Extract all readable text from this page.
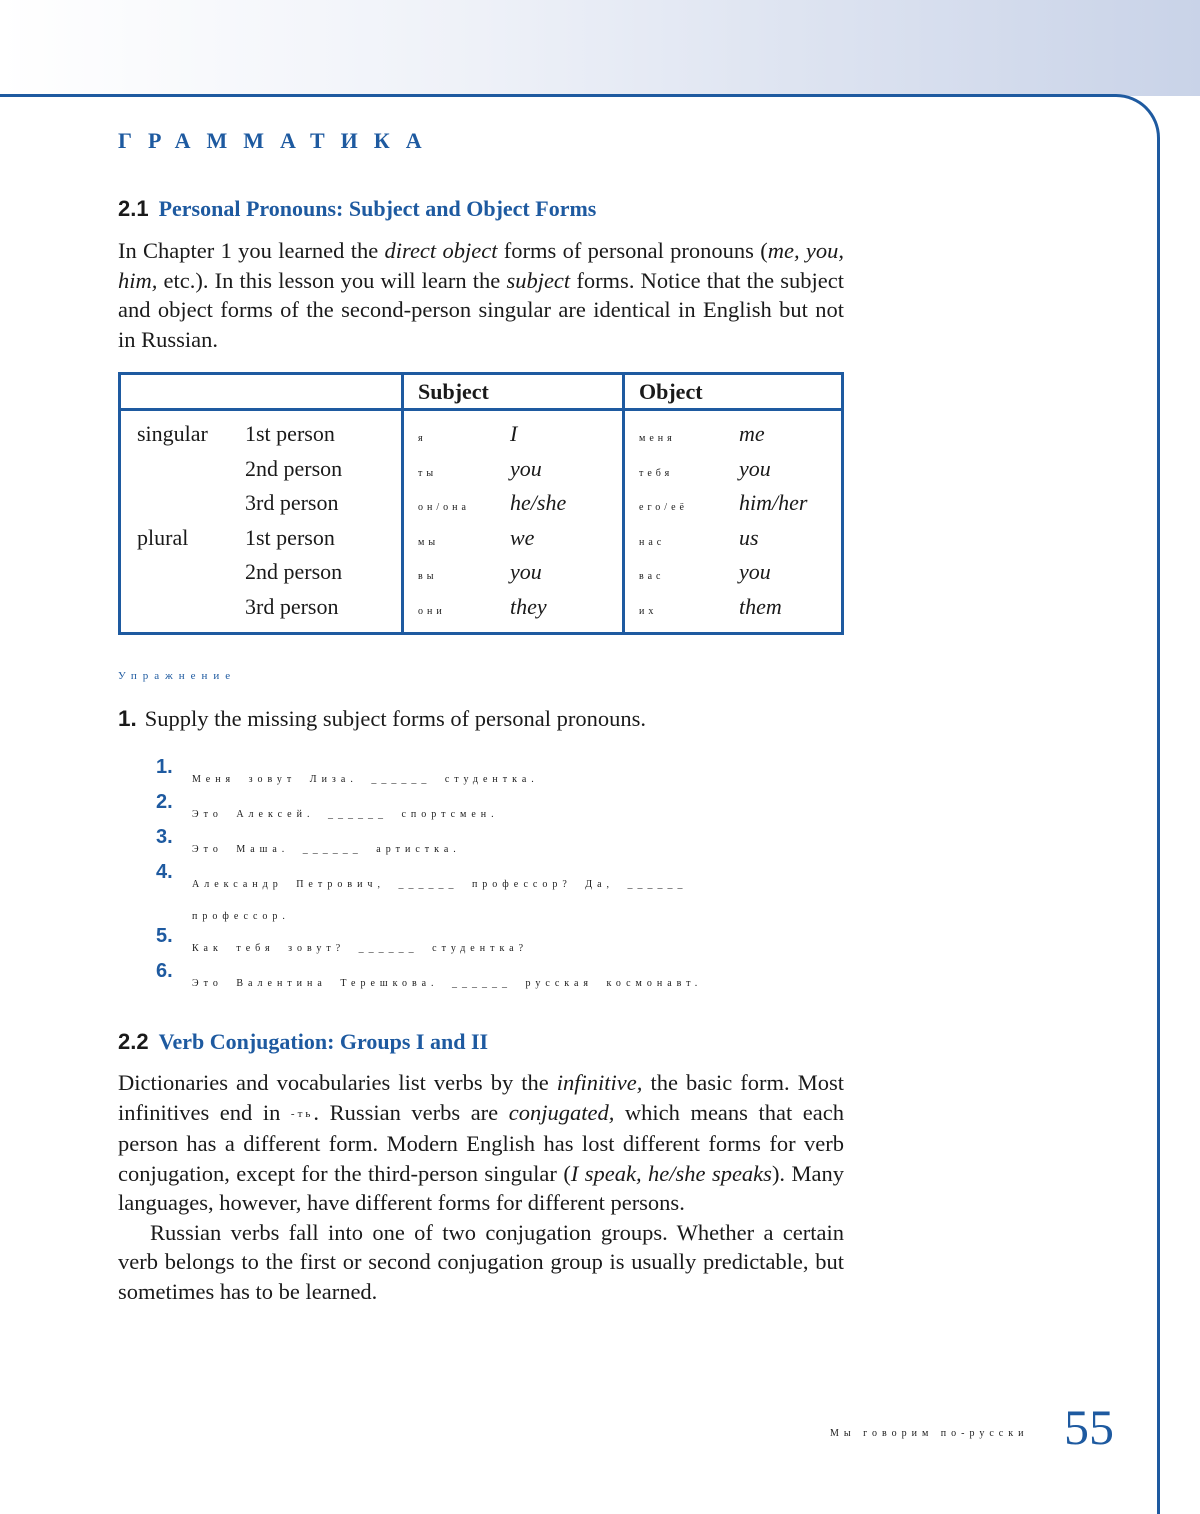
ГРАММАТИКА
2.1 Personal Pronouns: Subject and Object Forms

In Chapter 1 you learned the direct object forms of personal pronouns (me, you, him, etc.). In this lesson you will learn the subject forms. Notice that the subject and object forms of the second-person singular are identical in English but not in Russian.

		Subject		Object	
singular	1st person	я	I	меня	me
	2nd person	ты	you	тебя	you
	3rd person	он/она	he/she	его/её	him/her
plural	1st person	мы	we	нас	us
	2nd person	вы	you	вас	you
	3rd person	они	they	их	them
Упражнение
1. Supply the missing subject forms of personal pronouns.
1.
Меня зовут Лиза. ______ студентка.
2.
Это Алексей. ______ спортсмен.
3.
Это Маша. ______ артистка.
4.
Александр Петрович, ______ профессор? Да, ______ профессор.
5.
Как тебя зовут? ______ студентка?
6.
Это Валентина Терешкова. ______ русская космонавт.
2.2 Verb Conjugation: Groups I and II

Dictionaries and vocabularies list verbs by the infinitive, the basic form. Most infinitives end in -ть. Russian verbs are conjugated, which means that each person has a different form. Modern English has lost different forms for verb conjugation, except for the third-person singular (I speak, he/she speaks). Many languages, however, have different forms for different persons.

Russian verbs fall into one of two conjugation groups. Whether a certain verb belongs to the first or second conjugation group is usually predictable, but sometimes has to be learned.

Мы говорим по-русски 55
